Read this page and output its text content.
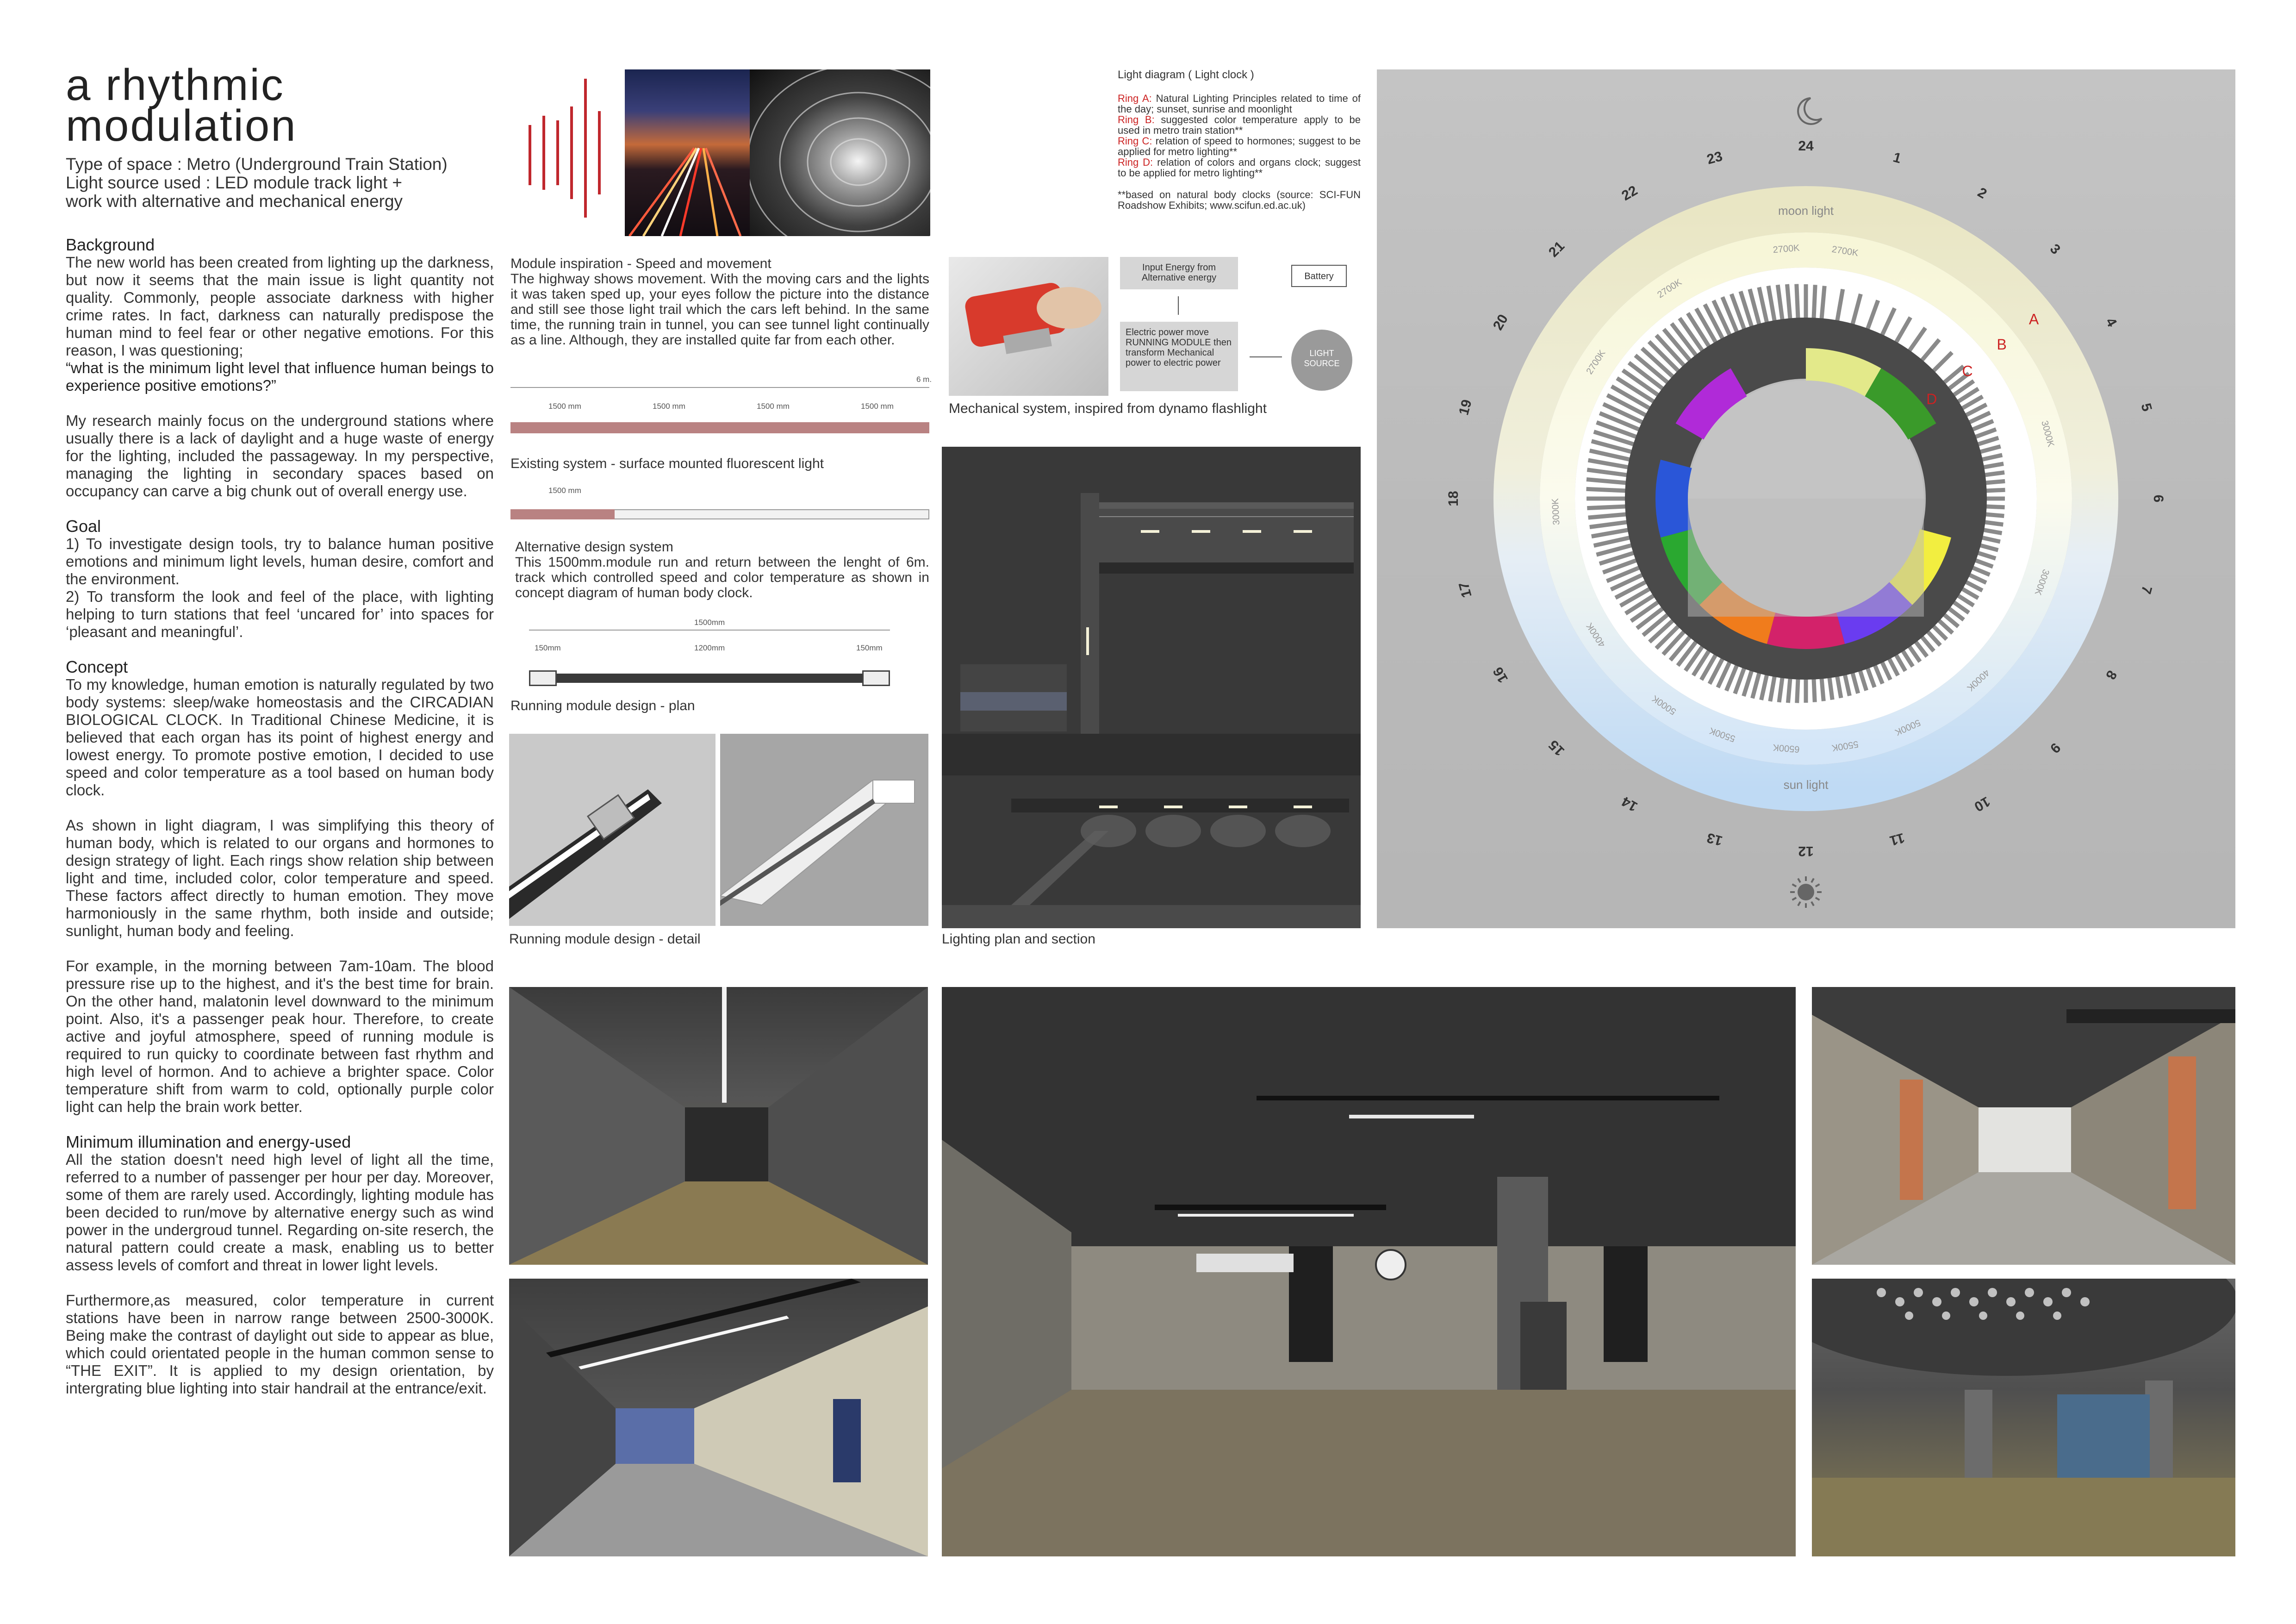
a rhythmic
modulation
Type of space : Metro (Underground Train Station)
Light source used : LED module track light +
work with alternative and mechanical energy
Background

The new world has been created from lighting up the darkness, but now it seems that the main issue is light quantity not quality. Commonly, people associate darkness with higher crime rates. In fact, darkness can naturally predispose the human mind to feel fear or other negative emotions. For this reason, I was questioning;

“what is the minimum light level that influence human beings to experience positive emotions?”

My research mainly focus on the underground stations where usually there is a lack of daylight and a huge waste of energy for the lighting, included the passageway. In my perspective, managing the lighting in secondary spaces based on occupancy can carve a big chunk out of overall energy use.

Goal

1) To investigate design tools, try to balance human positive emotions and minimum light levels, human desire, comfort and the environment.

2) To transform the look and feel of the place, with lighting helping to turn stations that feel ‘uncared for’ into spaces for ‘pleasant and meaningful’.

Concept

To my knowledge, human emotion is naturally regulated by two body systems: sleep/wake homeostasis and the CIRCADIAN BIOLOGICAL CLOCK. In Traditional Chinese Medicine, it is believed that each organ has its point of highest energy and lowest energy. To promote postive emotion, I decided to use speed and color temperature as a tool based on human body clock.

As shown in light diagram, I was simplifying this theory of human body, which is related to our organs and hormones to design strategy of light. Each rings show relation ship between light and time, included color, color temperature and speed. These factors affect directly to human emotion. They move harmoniously in the same rhythm, both inside and outside; sunlight, human body and feeling.

For example, in the morning between 7am-10am. The blood pressure rise up to the highest, and it's the best time for brain. On the other hand, malatonin level downward to the minimum point. Also, it's a passenger peak hour. Therefore, to create active and joyful atmosphere, speed of running module is required to run quicky to coordinate between fast rhythm and high level of hormon. And to achieve a brighter space. Color temperature shift from warm to cold, optionally purple color light can help the brain work better.

Minimum illumination and energy-used

All the station doesn't need high level of light all the time, referred to a number of passenger per hour per day. Moreover, some of them are rarely used. Accordingly, lighting module has been decided to run/move by alternative energy such as wind power in the undergroud tunnel. Regarding on-site reserch, the natural pattern could create a mask, enabling us to better assess levels of comfort and threat in lower light levels.

Furthermore,as measured, color temperature in current stations have been in narrow range between 2500-3000K. Being make the contrast of daylight out side to appear as blue, which could orientated people in the human common sense to “THE EXIT”. It is applied to my design orientation, by intergrating blue lighting into stair handrail at the entrance/exit.

Module inspiration - Speed and movement
The highway shows movement. With the moving cars and the lights it was taken sped up, your eyes follow the picture into the distance and still see those light trail which the cars left behind. In the same time, the running train in tunnel, you can see tunnel light continually as a line. Although, they are installed quite far from each other.
6 m.
1500 mm	1500 mm	1500 mm	1500 mm
Existing system - surface mounted fluorescent light
1500 mm
Alternative design system
This 1500mm.module run and return between the lenght of 6m. track which controlled speed and color temperature as shown in concept diagram of human body clock.
1500mm
150mm	1200mm	150mm
Running module design - plan
Running module design - detail
Input Energy from Alternative energy
Electric power move RUNNING MODULE then transform Mechanical power to electric power
Battery
LIGHT SOURCE
Mechanical system, inspired from dynamo flashlight
Lighting plan and section
Light diagram ( Light clock )
Ring A: Natural Lighting Principles related to time of the day; sunset, sunrise and moonlight
Ring B: suggested color temperature apply to be used in metro train station**
Ring C: relation of speed to hormones; suggest to be applied for metro lighting**
Ring D: relation of colors and organs clock; suggest to be applied for metro lighting**
**based on natural body clocks (source: SCI-FUN Roadshow Exhibits; www.scifun.ed.ac.uk)
1
2
3
4
5
6
7
8
9
10
11
12
13
14
15
16
17
18
19
20
21
22
23
24
2700K	2700K
2700K
2700K
3000K
3000K
3000K
4000K
4000K
5000K
5000K
5500K
5500K
6500K
moon light
sun light
A
B
C
D
